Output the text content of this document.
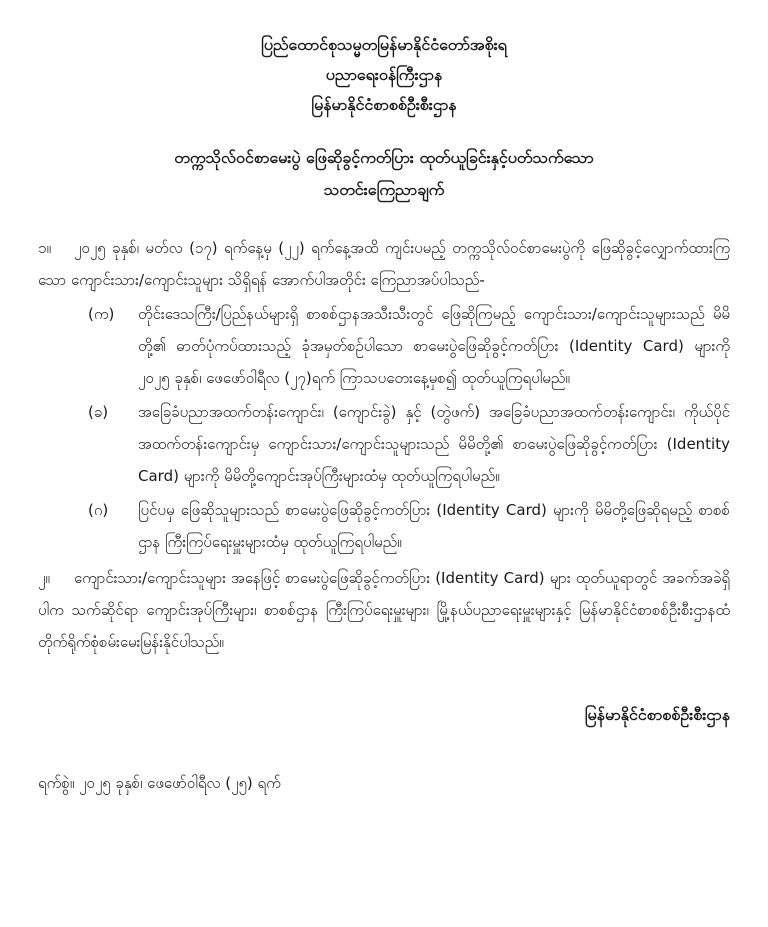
ပြည်ထောင်စုသမ္မတမြန်မာနိုင်ငံတော်အစိုးရ
ပညာရေးဝန်ကြီးဌာန
မြန်မာနိုင်ငံစာစစ်ဦးစီးဌာန
တက္ကသိုလ်ဝင်စာမေးပွဲ ဖြေဆိုခွင့်ကတ်ပြား ထုတ်ယူခြင်းနှင့်ပတ်သက်သော
သတင်းကြေညာချက်
၁။ ၂၀၂၅ ခုနှစ်၊ မတ်လ (၁၇) ရက်နေ့မှ (၂၂) ရက်နေ့အထိ ကျင်းပမည့် တက္ကသိုလ်ဝင်စာမေးပွဲကို ဖြေဆိုခွင့်လျှောက်ထားကြသော ကျောင်းသား/ကျောင်းသူများ သိရှိရန် အောက်ပါအတိုင်း ကြေညာအပ်ပါသည်-
(က) တိုင်းဒေသကြီး/ပြည်နယ်များရှိ စာစစ်ဌာနအသီးသီးတွင် ဖြေဆိုကြမည့် ကျောင်းသား/ကျောင်းသူများသည် မိမိတို့၏ ဓာတ်ပုံကပ်ထားသည့် ခုံအမှတ်စဉ်ပါသော စာမေးပွဲဖြေဆိုခွင့်ကတ်ပြား (Identity Card) များကို ၂၀၂၅ ခုနှစ်၊ ဖေဖော်ဝါရီလ (၂၇)ရက် ကြာသပတေးနေ့မှစ၍ ထုတ်ယူကြရပါမည်။
(ခ) အခြေခံပညာအထက်တန်းကျောင်း၊ (ကျောင်းခွဲ) နှင့် (တွဲဖက်) အခြေခံပညာအထက်တန်းကျောင်း၊ ကိုယ်ပိုင်အထက်တန်းကျောင်းမှ ကျောင်းသား/ကျောင်းသူများသည် မိမိတို့၏ စာမေးပွဲဖြေဆိုခွင့်ကတ်ပြား (Identity Card) များကို မိမိတို့ကျောင်းအုပ်ကြီးများထံမှ ထုတ်ယူကြရပါမည်။
(ဂ) ပြင်ပမှ ဖြေဆိုသူများသည် စာမေးပွဲဖြေဆိုခွင့်ကတ်ပြား (Identity Card) များကို မိမိတို့ဖြေဆိုရမည့် စာစစ်ဌာန ကြီးကြပ်ရေးမှူးများထံမှ ထုတ်ယူကြရပါမည်။
၂။ ကျောင်းသား/ကျောင်းသူများ အနေဖြင့် စာမေးပွဲဖြေဆိုခွင့်ကတ်ပြား (Identity Card) များ ထုတ်ယူရာတွင် အခက်အခဲရှိပါက သက်ဆိုင်ရာ ကျောင်းအုပ်ကြီးများ၊ စာစစ်ဌာန ကြီးကြပ်ရေးမှူးများ၊ မြို့နယ်ပညာရေးမှူးများနှင့် မြန်မာနိုင်ငံစာစစ်ဦးစီးဌာနထံ တိုက်ရိုက်စုံစမ်းမေးမြန်းနိုင်ပါသည်။
မြန်မာနိုင်ငံစာစစ်ဦးစီးဌာန
ရက်စွဲ။ ၂၀၂၅ ခုနှစ်၊ ဖေဖော်ဝါရီလ (၂၅) ရက်
